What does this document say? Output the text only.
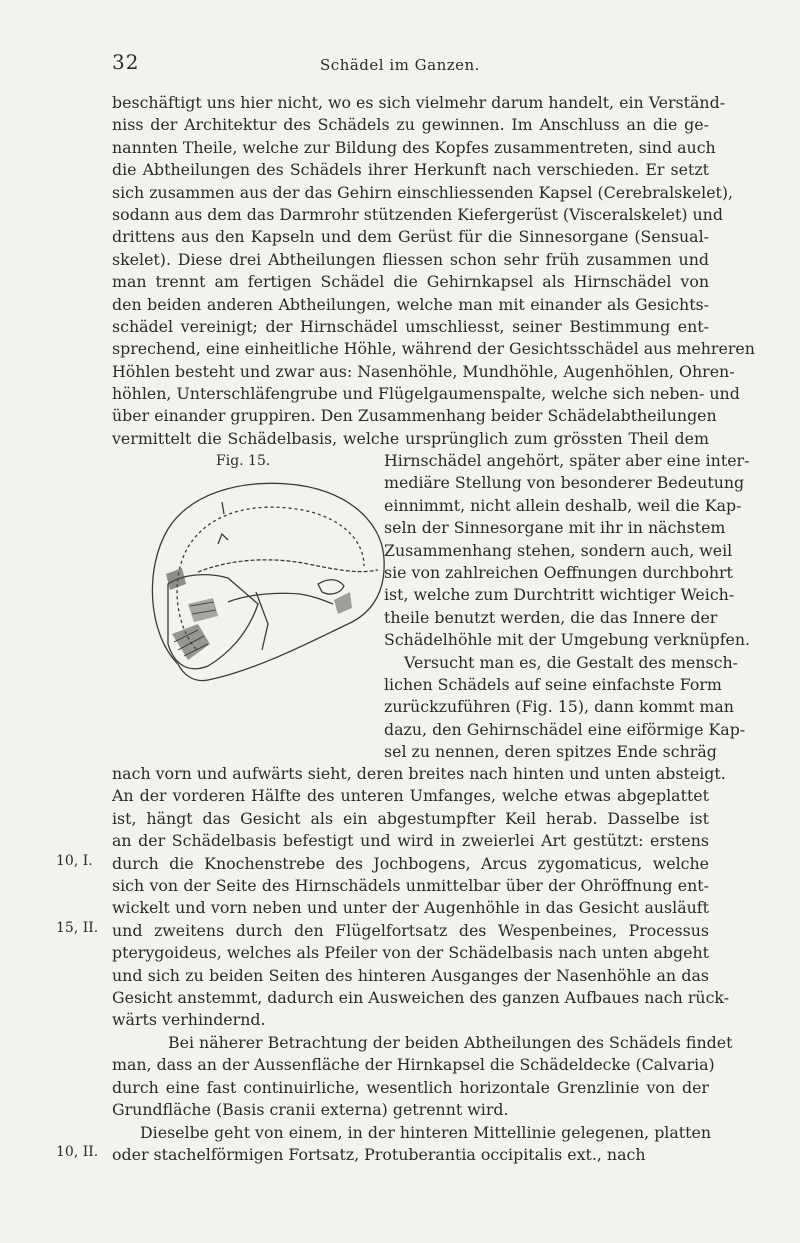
32	Schädel im Ganzen.
beschäftigt uns hier nicht, wo es sich vielmehr darum handelt, ein Verständ-
niss der Architektur des Schädels zu gewinnen. Im Anschluss an die ge-
nannten Theile, welche zur Bildung des Kopfes zusammentreten, sind auch
die Abtheilungen des Schädels ihrer Herkunft nach verschieden. Er setzt
sich zusammen aus der das Gehirn einschliessenden Kapsel (Cerebralskelet),
sodann aus dem das Darmrohr stützenden Kiefergerüst (Visceralskelet) und
drittens aus den Kapseln und dem Gerüst für die Sinnesorgane (Sensual-
skelet). Diese drei Abtheilungen fliessen schon sehr früh zusammen und
man trennt am fertigen Schädel die Gehirnkapsel als Hirnschädel von
den beiden anderen Abtheilungen, welche man mit einander als Gesichts-
schädel vereinigt; der Hirnschädel umschliesst, seiner Bestimmung ent-
sprechend, eine einheitliche Höhle, während der Gesichtsschädel aus mehreren
Höhlen besteht und zwar aus: Nasenhöhle, Mundhöhle, Augenhöhlen, Ohren-
höhlen, Unterschläfengrube und Flügelgaumenspalte, welche sich neben- und
über einander gruppiren. Den Zusammenhang beider Schädelabtheilungen
vermittelt die Schädelbasis, welche ursprünglich zum grössten Theil dem
Fig. 15.	Hirnschädel angehört, später aber eine inter-
mediäre Stellung von besonderer Bedeutung
einnimmt, nicht allein deshalb, weil die Kap-
seln der Sinnesorgane mit ihr in nächstem
Zusammenhang stehen, sondern auch, weil
sie von zahlreichen Oeffnungen durchbohrt
ist, welche zum Durchtritt wichtiger Weich-
theile benutzt werden, die das Innere der
Schädelhöhle mit der Umgebung verknüpfen.
Versucht man es, die Gestalt des mensch-
lichen Schädels auf seine einfachste Form
zurückzuführen (Fig. 15), dann kommt man
dazu, den Gehirnschädel eine eiförmige Kap-
sel zu nennen, deren spitzes Ende schräg
nach vorn und aufwärts sieht, deren breites nach hinten und unten absteigt.
An der vorderen Hälfte des unteren Umfanges, welche etwas abgeplattet
ist, hängt das Gesicht als ein abgestumpfter Keil herab. Dasselbe ist
an der Schädelbasis befestigt und wird in zweierlei Art gestützt: erstens
durch die Knochenstrebe des Jochbogens, Arcus zygomaticus, welche
sich von der Seite des Hirnschädels unmittelbar über der Ohröffnung ent-
wickelt und vorn neben und unter der Augenhöhle in das Gesicht ausläuft
und zweitens durch den Flügelfortsatz des Wespenbeines, Processus
pterygoideus, welches als Pfeiler von der Schädelbasis nach unten abgeht
und sich zu beiden Seiten des hinteren Ausganges der Nasenhöhle an das
Gesicht anstemmt, dadurch ein Ausweichen des ganzen Aufbaues nach rück-
wärts verhindernd.
Bei näherer Betrachtung der beiden Abtheilungen des Schädels findet
man, dass an der Aussenfläche der Hirnkapsel die Schädeldecke (Calvaria)
durch eine fast continuirliche, wesentlich horizontale Grenzlinie von der
Grundfläche (Basis cranii externa) getrennt wird.
Dieselbe geht von einem, in der hinteren Mittellinie gelegenen, platten
oder stachelförmigen Fortsatz, Protuberantia occipitalis ext., nach
10, I.
15, II.
10, II.
